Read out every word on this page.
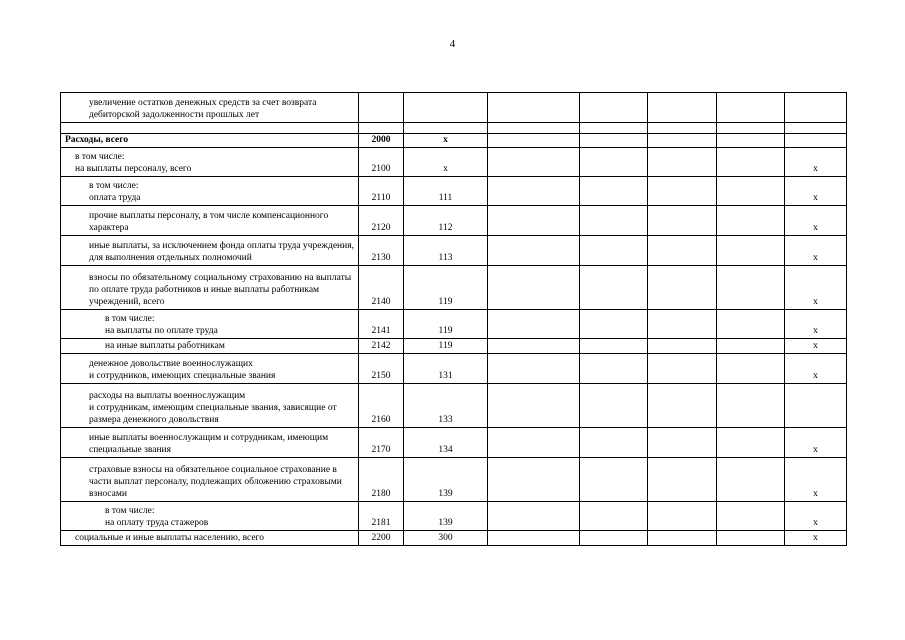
4
увеличение остатков денежных средств за счет возврата дебиторской задолженности прошлых лет							

Расходы, всего	2000	x					
в том числе:
на выплаты персоналу, всего	2100	x					x
в том числе:
оплата труда	2110	111					x
прочие выплаты персоналу, в том числе компенсационного характера	2120	112					x
иные выплаты, за исключением фонда оплаты труда учреждения, для выполнения отдельных полномочий	2130	113					x
взносы по обязательному социальному страхованию на выплаты по оплате труда работников и иные выплаты работникам учреждений, всего	2140	119					x
в том числе:
на выплаты по оплате труда	2141	119					x
на иные выплаты работникам	2142	119					x
денежное довольствие военнослужащих
и сотрудников, имеющих специальные звания	2150	131					x
расходы на выплаты военнослужащим
и сотрудникам, имеющим специальные звания, зависящие от размера денежного довольствия	2160	133					
иные выплаты военнослужащим и сотрудникам, имеющим специальные звания	2170	134					x
страховые взносы на обязательное социальное страхование в части выплат персоналу, подлежащих обложению страховыми взносами	2180	139					x
в том числе:
на оплату труда стажеров	2181	139					x
социальные и иные выплаты населению, всего	2200	300					x
